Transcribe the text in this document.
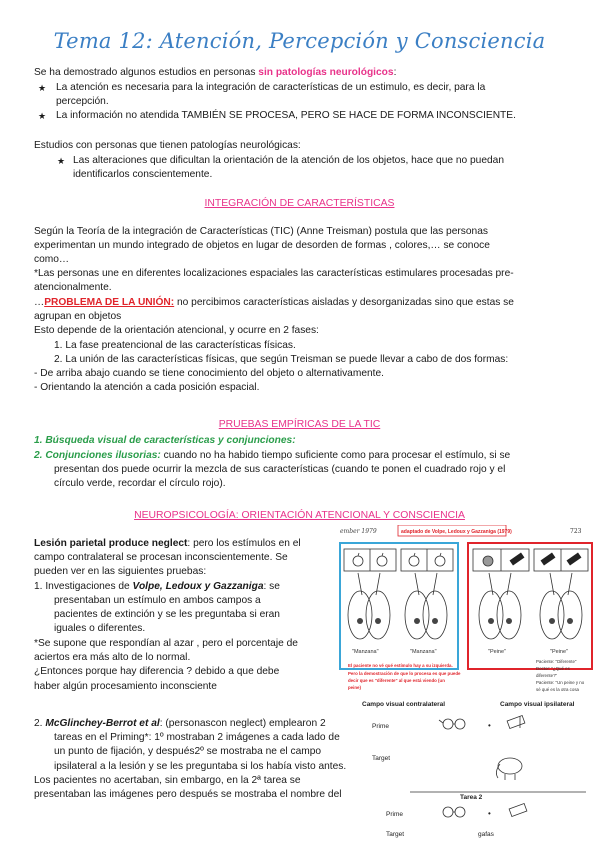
Tema 12: Atención, Percepción y Consciencia
Se ha demostrado algunos estudios en personas sin patologías neurológicos:
★ La atención es necesaria para la integración de características de un estimulo, es decir, para la
percepción.
★ La información no atendida TAMBIÉN SE PROCESA, PERO SE HACE DE FORMA INCONSCIENTE.
Estudios con personas que tienen patologías neurológicas:
★ Las alteraciones que dificultan la orientación de la atención de los objetos, hace que no puedan
identificarlos conscientemente.
INTEGRACIÓN DE CARACTERÍSTICAS
Según la Teoría de la integración de Características (TIC) (Anne Treisman) postula que las personas
experimentan un mundo integrado de objetos en lugar de desorden de formas , colores,… se conoce
como…
*Las personas une en diferentes localizaciones espaciales las características estimulares procesadas pre-
atencionalmente.
…PROBLEMA DE LA UNIÓN: no percibimos características aisladas y desorganizadas sino que estas se
agrupan en objetos
Esto depende de la orientación atencional, y ocurre en 2 fases:
1. La fase preatencional de las características físicas.
2. La unión de las características físicas, que según Treisman se puede llevar a cabo de dos formas:
- De arriba abajo cuando se tiene conocimiento del objeto o alternativamente.
- Orientando la atención a cada posición espacial.
PRUEBAS EMPÍRICAS DE LA TIC
1. Búsqueda visual de características y conjunciones:
2. Conjunciones ilusorias: cuando no ha habido tiempo suficiente como para procesar el estímulo, si se
presentan dos puede ocurrir la mezcla de sus características (cuando te ponen el cuadrado rojo y el
círculo verde, recordar el círculo rojo).
NEUROPSICOLOGÍA: ORIENTACIÓN ATENCIONAL Y CONSCIENCIA
Lesión parietal produce neglect: pero los estímulos en el
campo contralateral se procesan inconscientemente. Se
pueden ver en las siguientes pruebas:
1. Investigaciones de Volpe, Ledoux y Gazzaniga: se
presentaban un estímulo en ambos campos a
pacientes de extinción y se les preguntaba si eran
iguales o diferentes.
*Se supone que respondían al azar , pero el porcentaje de
aciertos era más alto de lo normal.
¿Entonces porque hay diferencia ? debido a que debe
haber algún procesamiento inconsciente
2. McGlinchey-Berrot et al: (personascon neglect) emplearon 2
tareas en el Priming*: 1º mostraban 2 imágenes a cada lado de
un punto de fijación, y después2º se mostraba ne el campo
ipsilateral a la lesión y se les preguntaba si los había visto antes.
Los pacientes no acertaban, sin embargo, en la 2ª tarea se
presentaban las imágenes pero después se mostraba el nombre del
ember 1979	adaptado de Volpe, Ledoux y Gazzaniga (1979)	723
"Manzana"	"Manzana"	"Peine"	"Peine"
El paciente no vé qué estímulo hay a su izquierda.
Pero la demostración de que lo procesa es que puede
decir que es "diferente" al que está viendo (un
peine)
Paciente: "Diferente"
Doctor: "¿Qué es
diferente?"
Paciente: "Un peine y no
sé qué es la otra cosa
Campo visual contralateral	Campo visual ipsilateral
Prime	•
Target
Tarea 2
Prime	•
Target	gafas
